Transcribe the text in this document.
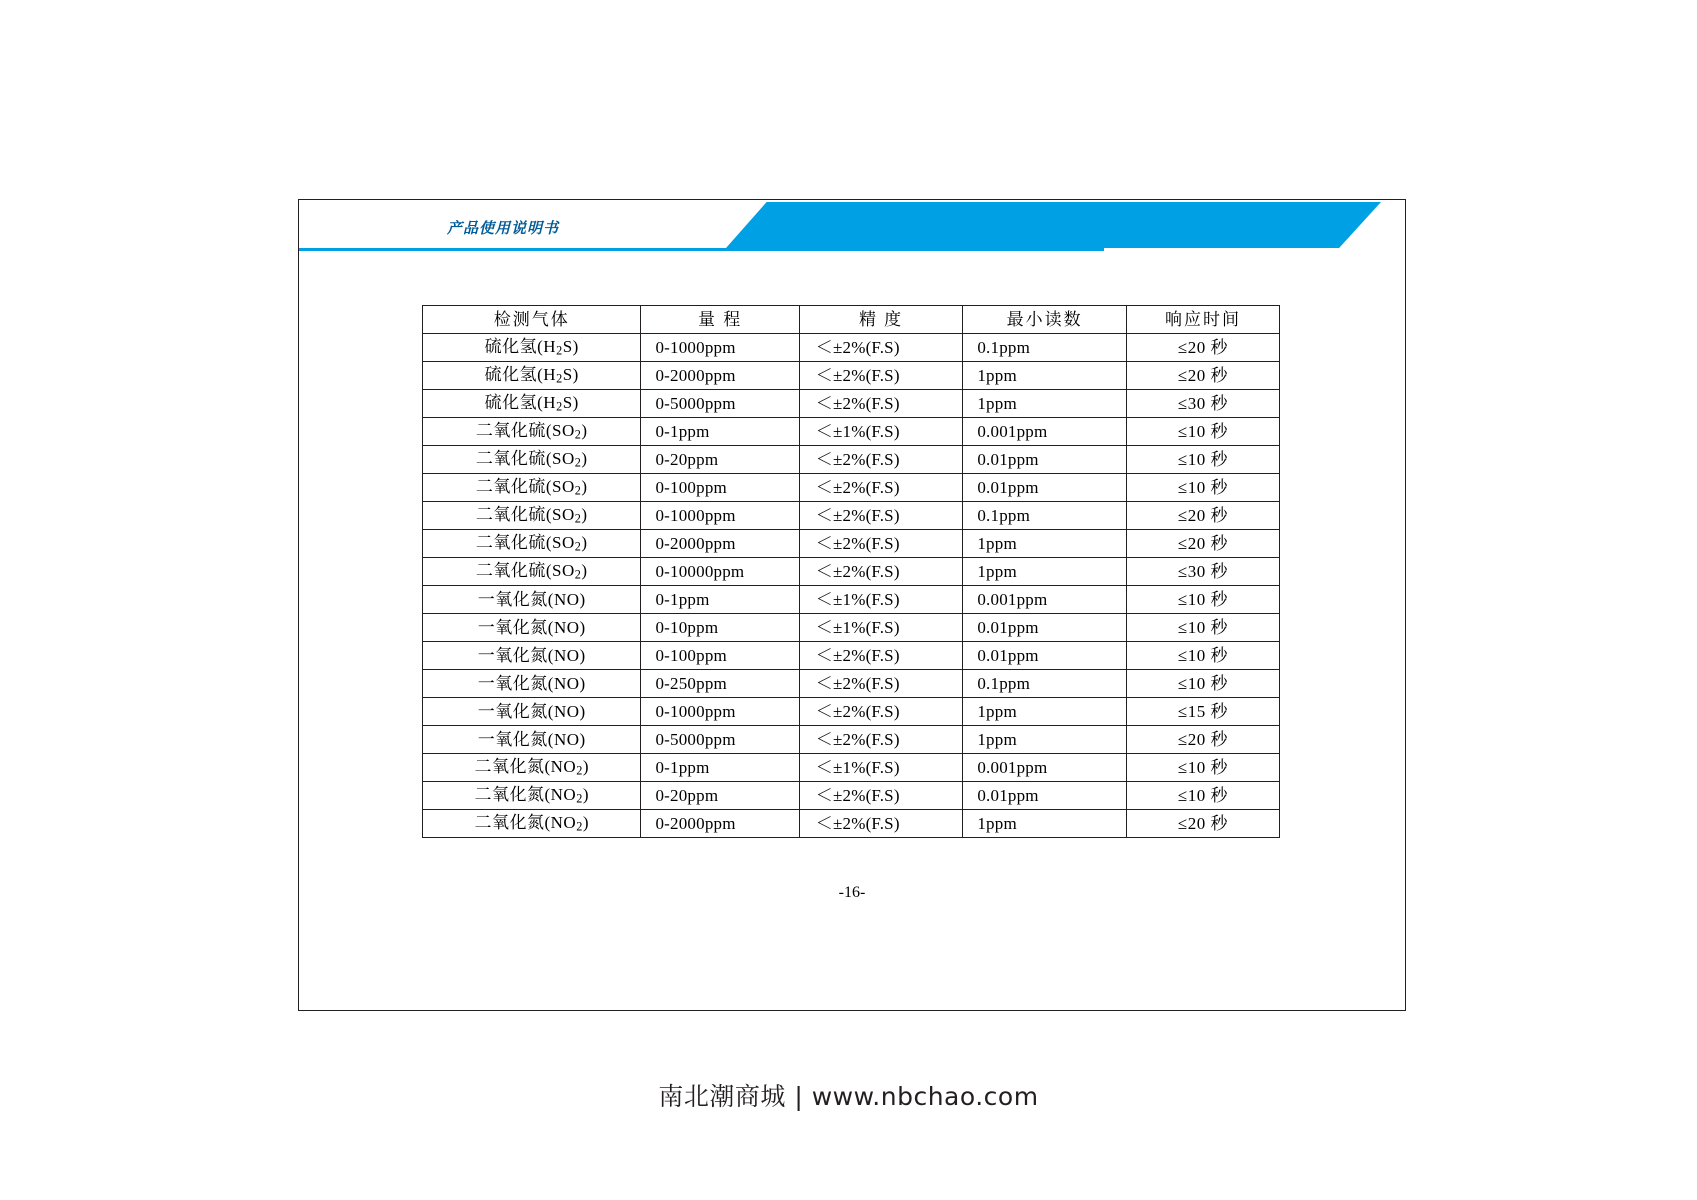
产品使用说明书
检测气体	量 程	精 度	最小读数	响应时间
硫化氢$(H_2S)$	0-1000ppm	＜±2%(F.S)	0.1ppm	≤20 秒
硫化氢$(H_2S)$	0-2000ppm	＜±2%(F.S)	1ppm	≤20 秒
硫化氢$(H_2S)$	0-5000ppm	＜±2%(F.S)	1ppm	≤30 秒
二氧化硫$(SO_2)$	0-1ppm	＜±1%(F.S)	0.001ppm	≤10 秒
二氧化硫$(SO_2)$	0-20ppm	＜±2%(F.S)	0.01ppm	≤10 秒
二氧化硫$(SO_2)$	0-100ppm	＜±2%(F.S)	0.01ppm	≤10 秒
二氧化硫$(SO_2)$	0-1000ppm	＜±2%(F.S)	0.1ppm	≤20 秒
二氧化硫$(SO_2)$	0-2000ppm	＜±2%(F.S)	1ppm	≤20 秒
二氧化硫$(SO_2)$	0-10000ppm	＜±2%(F.S)	1ppm	≤30 秒
一氧化氮(NO)	0-1ppm	＜±1%(F.S)	0.001ppm	≤10 秒
一氧化氮(NO)	0-10ppm	＜±1%(F.S)	0.01ppm	≤10 秒
一氧化氮(NO)	0-100ppm	＜±2%(F.S)	0.01ppm	≤10 秒
一氧化氮(NO)	0-250ppm	＜±2%(F.S)	0.1ppm	≤10 秒
一氧化氮(NO)	0-1000ppm	＜±2%(F.S)	1ppm	≤15 秒
一氧化氮(NO)	0-5000ppm	＜±2%(F.S)	1ppm	≤20 秒
二氧化氮$(NO_2)$	0-1ppm	＜±1%(F.S)	0.001ppm	≤10 秒
二氧化氮$(NO_2)$	0-20ppm	＜±2%(F.S)	0.01ppm	≤10 秒
二氧化氮$(NO_2)$	0-2000ppm	＜±2%(F.S)	1ppm	≤20 秒
-16-
南北潮商城 | www.nbchao.com
